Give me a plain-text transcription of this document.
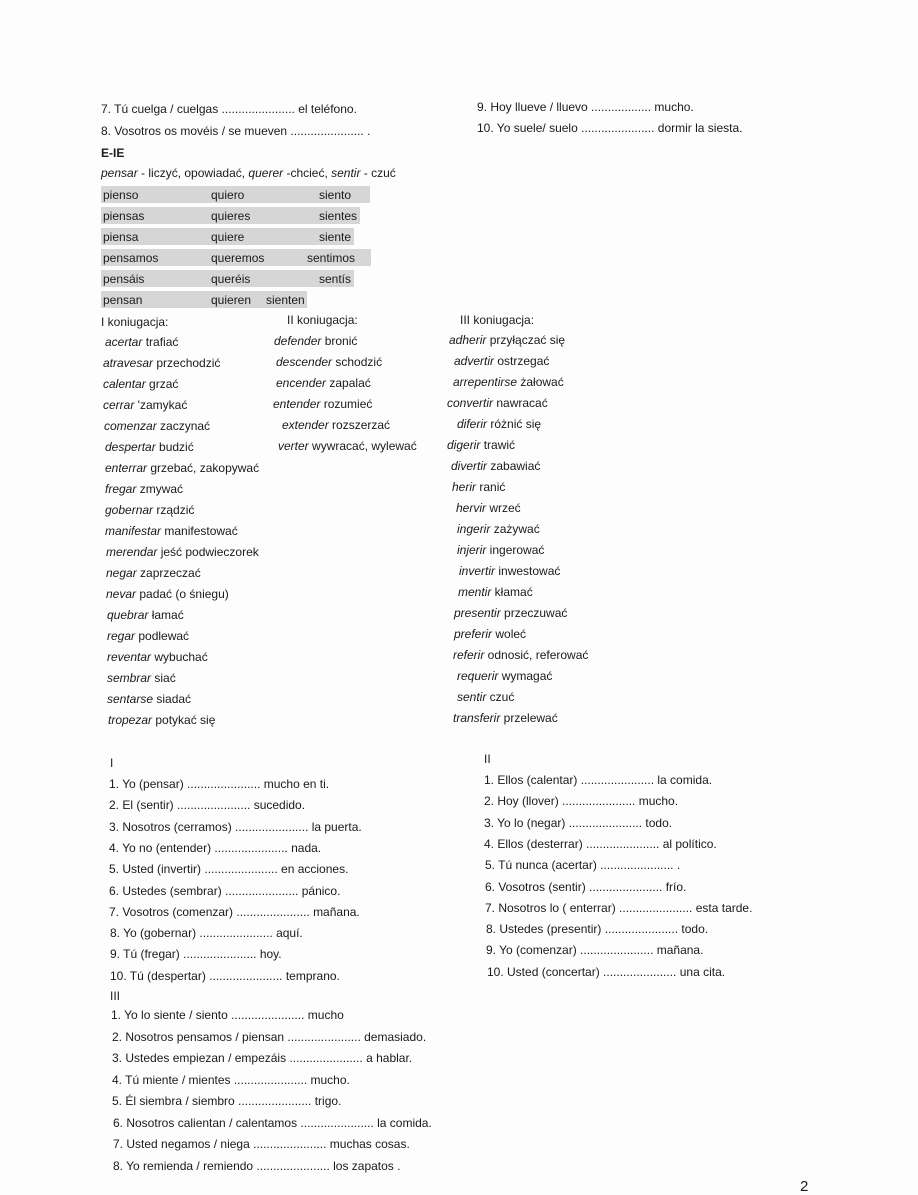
7. Tú cuelga / cuelgas ...................... el teléfono.
8. Vosotros os movéis / se mueven ...................... .
9. Hoy llueve / lluevo .................. mucho.
10. Yo suele/ suelo ...................... dormir la siesta.
E-IE
pensar - liczyć, opowiadać, querer -chcieć, sentir - czuć
pienso
piensas
piensa
pensamos
pensáis
pensan
quiero
quieres
quiere
queremos
queréis
quieren
siento
sientes
siente
sentimos
sentís
sienten
I koniugacja:	II koniugacja:	III koniugacja:
acertar trafiać
atravesar przechodzić
calentar grzać
cerrar 'zamykać
comenzar zaczynać
despertar budzić
enterrar grzebać, zakopywać
fregar zmywać
gobernar rządzić
manifestar manifestować
merendar jeść podwieczorek
negar zaprzeczać
nevar padać (o śniegu)
quebrar łamać
regar podlewać
reventar wybuchać
sembrar siać
sentarse siadać
tropezar potykać się
defender bronić
descender schodzić
encender zapalać
entender rozumieć
extender rozszerzać
verter wywracać, wylewać
adherir przyłączać się
advertir ostrzegać
arrepentirse żałować
convertir nawracać
diferir różnić się
digerir trawić
divertir zabawiać
herir ranić
hervir wrzeć
ingerir zażywać
injerir ingerować
invertir inwestować
mentir kłamać
presentir przeczuwać
preferir woleć
referir odnosić, referować
requerir wymagać
sentir czuć
transferir przelewać
I
1. Yo (pensar) ...................... mucho en ti.
2. El (sentir) ...................... sucedido.
3. Nosotros (cerramos) ...................... la puerta.
4. Yo no (entender) ...................... nada.
5. Usted (invertir) ...................... en acciones.
6. Ustedes (sembrar) ...................... pánico.
7. Vosotros (comenzar) ...................... mañana.
8. Yo (gobernar) ...................... aquí.
9. Tú (fregar) ...................... hoy.
10. Tú (despertar) ...................... temprano.
II
1. Ellos (calentar) ...................... la comida.
2. Hoy (llover) ...................... mucho.
3. Yo lo (negar) ...................... todo.
4. Ellos (desterrar) ...................... al político.
5. Tú nunca (acertar) ...................... .
6. Vosotros (sentir) ...................... frío.
7. Nosotros lo ( enterrar) ...................... esta tarde.
8. Ustedes (presentir) ...................... todo.
9. Yo (comenzar) ...................... mañana.
10. Usted (concertar) ...................... una cita.
III
1. Yo lo siente / siento ...................... mucho
2. Nosotros pensamos / piensan ...................... demasiado.
3. Ustedes empiezan / empezáis ...................... a hablar.
4. Tú miente / mientes ...................... mucho.
5. Él siembra / siembro ...................... trigo.
6. Nosotros calientan / calentamos ...................... la comida.
7. Usted negamos / niega ...................... muchas cosas.
8. Yo remienda / remiendo ...................... los zapatos .
2
